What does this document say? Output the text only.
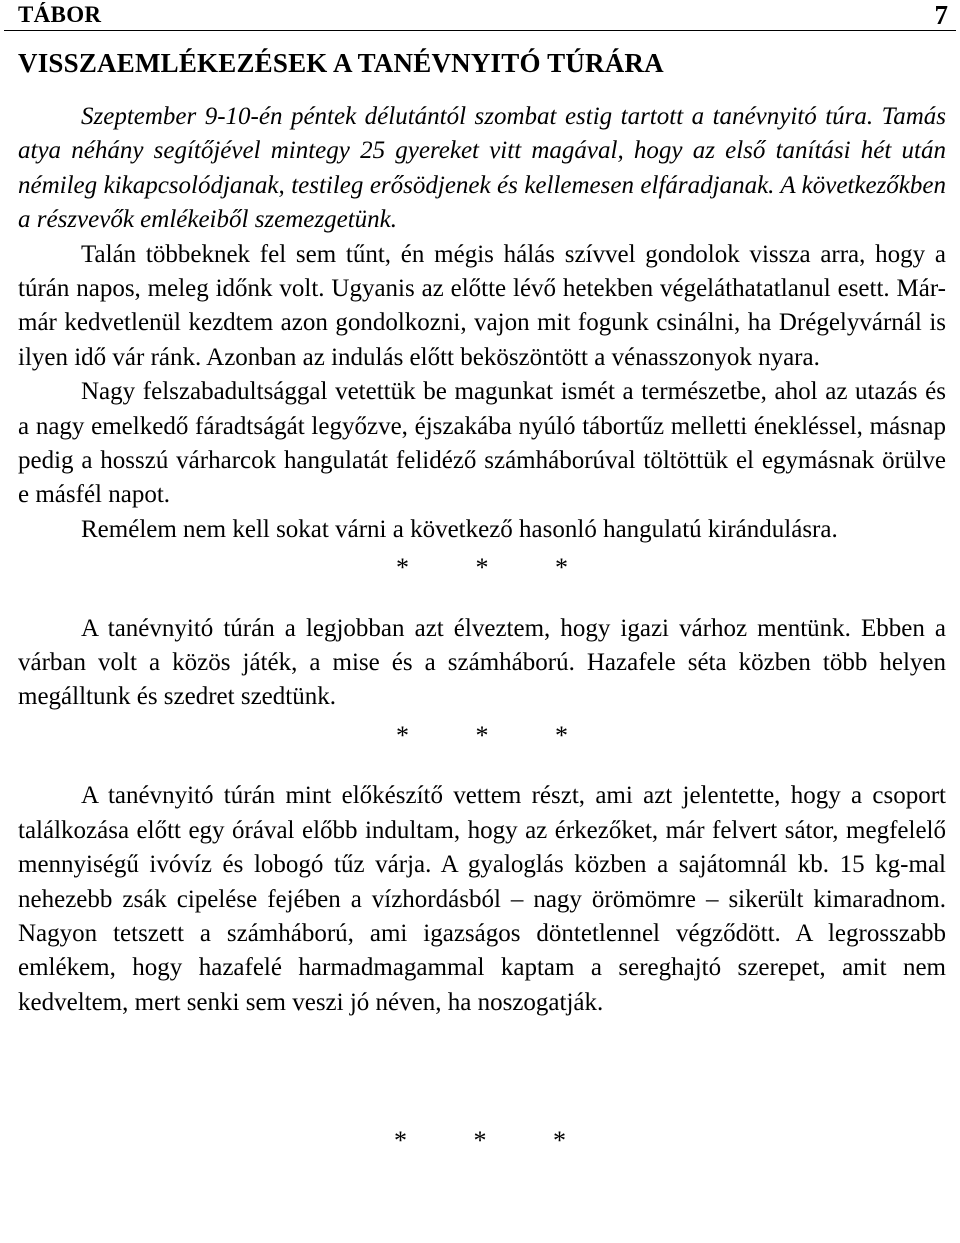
TÁBOR	7
VISSZAEMLÉKEZÉSEK A TANÉVNYITÓ TÚRÁRA

Szeptember 9-10-én péntek délutántól szombat estig tartott a tanévnyitó túra. Tamás atya néhány segítőjével mintegy 25 gyereket vitt magával, hogy az első tanítási hét után némileg kikapcsolódjanak, testileg erősödjenek és kellemesen elfáradjanak. A következőkben a részvevők emlékeiből szemezgetünk.

Talán többeknek fel sem tűnt, én mégis hálás szívvel gondolok vissza arra, hogy a túrán napos, meleg időnk volt. Ugyanis az előtte lévő hetekben végeláthatatlanul esett. Már-már kedvetlenül kezdtem azon gondolkozni, vajon mit fogunk csinálni, ha Drégelyvárnál is ilyen idő vár ránk. Azonban az indulás előtt beköszöntött a vénasszonyok nyara.

Nagy felszabadultsággal vetettük be magunkat ismét a természetbe, ahol az utazás és a nagy emelkedő fáradtságát legyőzve, éjszakába nyúló tábortűz melletti énekléssel, másnap pedig a hosszú várharcok hangulatát felidéző számháborúval töltöttük el egymásnak örülve e másfél napot.

Remélem nem kell sokat várni a következő hasonló hangulatú kirándulásra.

* * *

A tanévnyitó túrán a legjobban azt élveztem, hogy igazi várhoz mentünk. Ebben a várban volt a közös játék, a mise és a számháború. Hazafele séta közben több helyen megálltunk és szedret szedtünk.

* * *

A tanévnyitó túrán mint előkészítő vettem részt, ami azt jelentette, hogy a csoport találkozása előtt egy órával előbb indultam, hogy az érkezőket, már felvert sátor, megfelelő mennyiségű ivóvíz és lobogó tűz várja. A gyaloglás közben a sajátomnál kb. 15 kg-mal nehezebb zsák cipelése fejében a vízhordásból – nagy örömömre – sikerült kimaradnom. Nagyon tetszett a számháború, ami igazságos döntetlennel végződött. A legrosszabb emlékem, hogy hazafelé harmadmagammal kaptam a sereghajtó szerepet, amit nem kedveltem, mert senki sem veszi jó néven, ha noszogatják.

* * *
